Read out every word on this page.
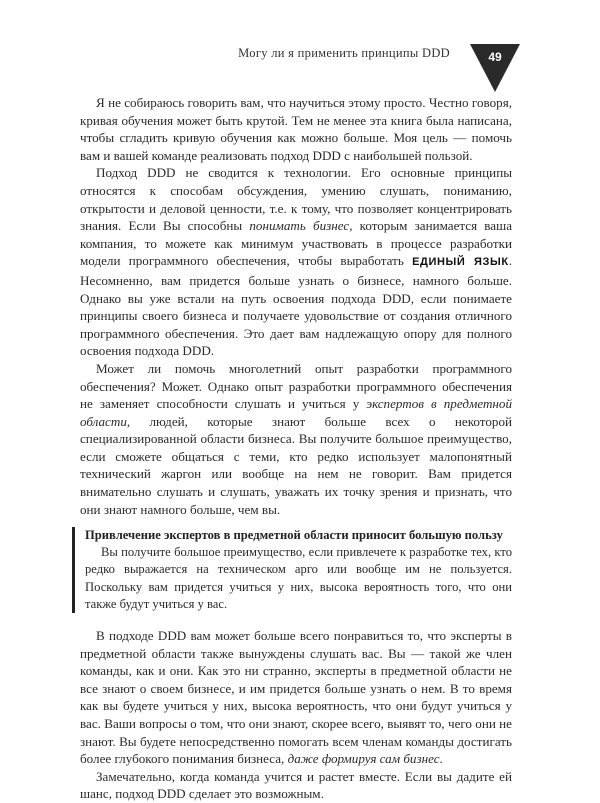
Могу ли я применить принципы DDD	49

Я не собираюсь говорить вам, что научиться этому просто. Честно говоря, кривая обучения может быть крутой. Тем не менее эта книга была написана, чтобы сгладить кривую обучения как можно больше. Моя цель — помочь вам и вашей команде реализовать подход DDD с наибольшей пользой.

Подход DDD не сводится к технологии. Его основные принципы относятся к способам обсуждения, умению слушать, пониманию, открытости и деловой ценности, т.е. к тому, что позволяет концентрировать знания. Если Вы способны понимать бизнес, которым занимается ваша компания, то можете как минимум участвовать в процессе разработки модели программного обеспечения, чтобы выработать ЕДИНЫЙ ЯЗЫК. Несомненно, вам придется больше узнать о бизнесе, намного больше. Однако вы уже встали на путь освоения подхода DDD, если понимаете принципы своего бизнеса и получаете удовольствие от создания отличного программного обеспечения. Это дает вам надлежащую опору для полного освоения подхода DDD.

Может ли помочь многолетний опыт разработки программного обеспечения? Может. Однако опыт разработки программного обеспечения не заменяет способности слушать и учиться у экспертов в предметной области, людей, которые знают больше всех о некоторой специализированной области бизнеса. Вы получите большое преимущество, если сможете общаться с теми, кто редко использует малопонятный технический жаргон или вообще на нем не говорит. Вам придется внимательно слушать и слушать, уважать их точку зрения и признать, что они знают намного больше, чем вы.

Привлечение экспертов в предметной области приносит большую пользу

Вы получите большое преимущество, если привлечете к разработке тех, кто редко выражается на техническом арго или вообще им не пользуется. Поскольку вам придется учиться у них, высока вероятность того, что они также будут учиться у вас.

В подходе DDD вам может больше всего понравиться то, что эксперты в предметной области также вынуждены слушать вас. Вы — такой же член команды, как и они. Как это ни странно, эксперты в предметной области не все знают о своем бизнесе, и им придется больше узнать о нем. В то время как вы будете учиться у них, высока вероятность, что они будут учиться у вас. Ваши вопросы о том, что они знают, скорее всего, выявят то, чего они не знают. Вы будете непосредственно помогать всем членам команды достигать более глубокого понимания бизнеса, даже формируя сам бизнес.

Замечательно, когда команда учится и растет вместе. Если вы дадите ей шанс, подход DDD сделает это возможным.
